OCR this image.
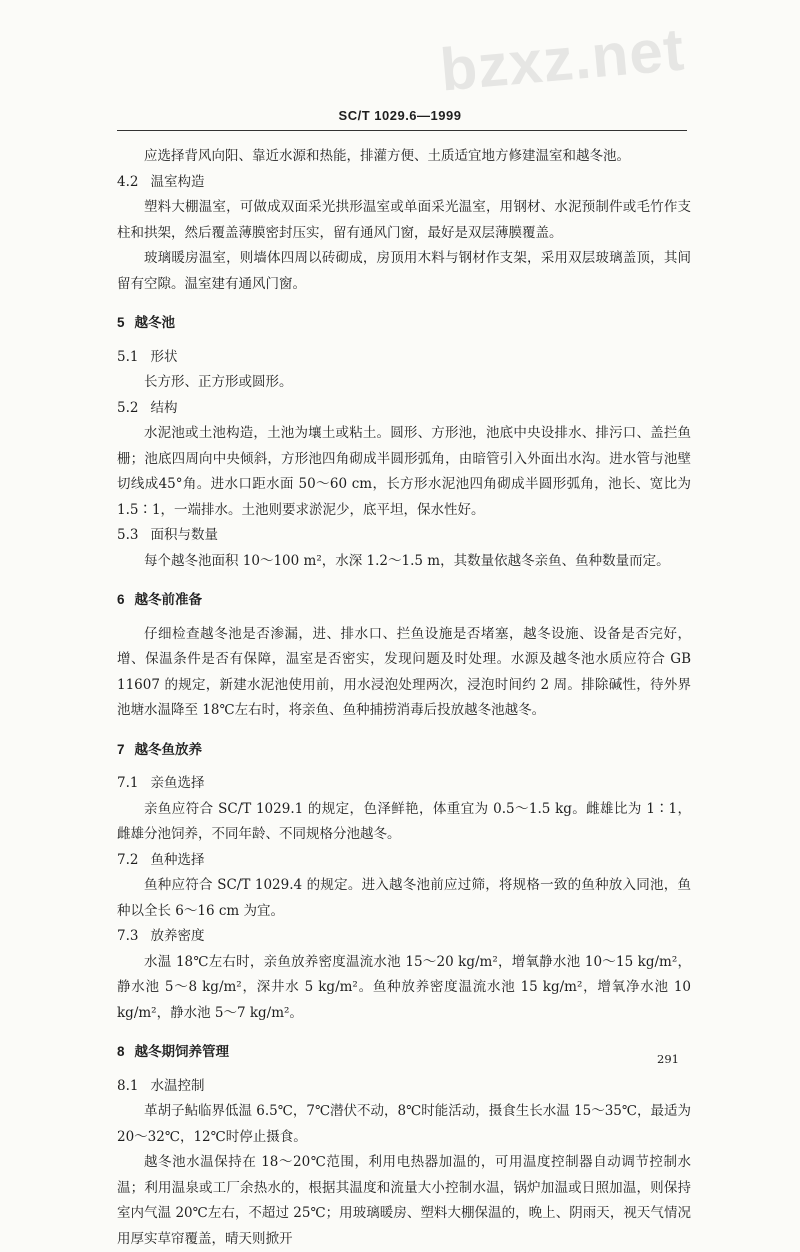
bzxz.net
SC/T 1029.6—1999
应选择背风向阳、靠近水源和热能，排灌方便、土质适宜地方修建温室和越冬池。
4.2 温室构造
塑料大棚温室，可做成双面采光拱形温室或单面采光温室，用钢材、水泥预制件或毛竹作支柱和拱架，然后覆盖薄膜密封压实，留有通风门窗，最好是双层薄膜覆盖。
玻璃暖房温室，则墙体四周以砖砌成，房顶用木料与钢材作支架，采用双层玻璃盖顶，其间留有空隙。温室建有通风门窗。
5 越冬池
5.1 形状
长方形、正方形或圆形。
5.2 结构
水泥池或土池构造，土池为壤土或粘土。圆形、方形池，池底中央设排水、排污口、盖拦鱼栅；池底四周向中央倾斜，方形池四角砌成半圆形弧角，由暗管引入外面出水沟。进水管与池壁切线成45°角。进水口距水面 50～60 cm，长方形水泥池四角砌成半圆形弧角，池长、宽比为 1.5∶1，一端排水。土池则要求淤泥少，底平坦，保水性好。
5.3 面积与数量
每个越冬池面积 10～100 m²，水深 1.2～1.5 m，其数量依越冬亲鱼、鱼种数量而定。
6 越冬前准备
仔细检查越冬池是否渗漏，进、排水口、拦鱼设施是否堵塞，越冬设施、设备是否完好，增、保温条件是否有保障，温室是否密实，发现问题及时处理。水源及越冬池水质应符合 GB 11607 的规定，新建水泥池使用前，用水浸泡处理两次，浸泡时间约 2 周。排除碱性，待外界池塘水温降至 18℃左右时，将亲鱼、鱼种捕捞消毒后投放越冬池越冬。
7 越冬鱼放养
7.1 亲鱼选择
亲鱼应符合 SC/T 1029.1 的规定，色泽鲜艳，体重宜为 0.5～1.5 kg。雌雄比为 1∶1，雌雄分池饲养，不同年龄、不同规格分池越冬。
7.2 鱼种选择
鱼种应符合 SC/T 1029.4 的规定。进入越冬池前应过筛，将规格一致的鱼种放入同池，鱼种以全长 6～16 cm 为宜。
7.3 放养密度
水温 18℃左右时，亲鱼放养密度温流水池 15～20 kg/m²，增氧静水池 10～15 kg/m²，静水池 5～8 kg/m²，深井水 5 kg/m²。鱼种放养密度温流水池 15 kg/m²，增氧净水池 10 kg/m²，静水池 5～7 kg/m²。
8 越冬期饲养管理
8.1 水温控制
革胡子鲇临界低温 6.5℃，7℃潜伏不动，8℃时能活动，摄食生长水温 15～35℃，最适为 20～32℃，12℃时停止摄食。
越冬池水温保持在 18～20℃范围，利用电热器加温的，可用温度控制器自动调节控制水温；利用温泉或工厂余热水的，根据其温度和流量大小控制水温，锅炉加温或日照加温，则保持室内气温 20℃左右，不超过 25℃；用玻璃暖房、塑料大棚保温的，晚上、阴雨天，视天气情况用厚实草帘覆盖，晴天则掀开
291
